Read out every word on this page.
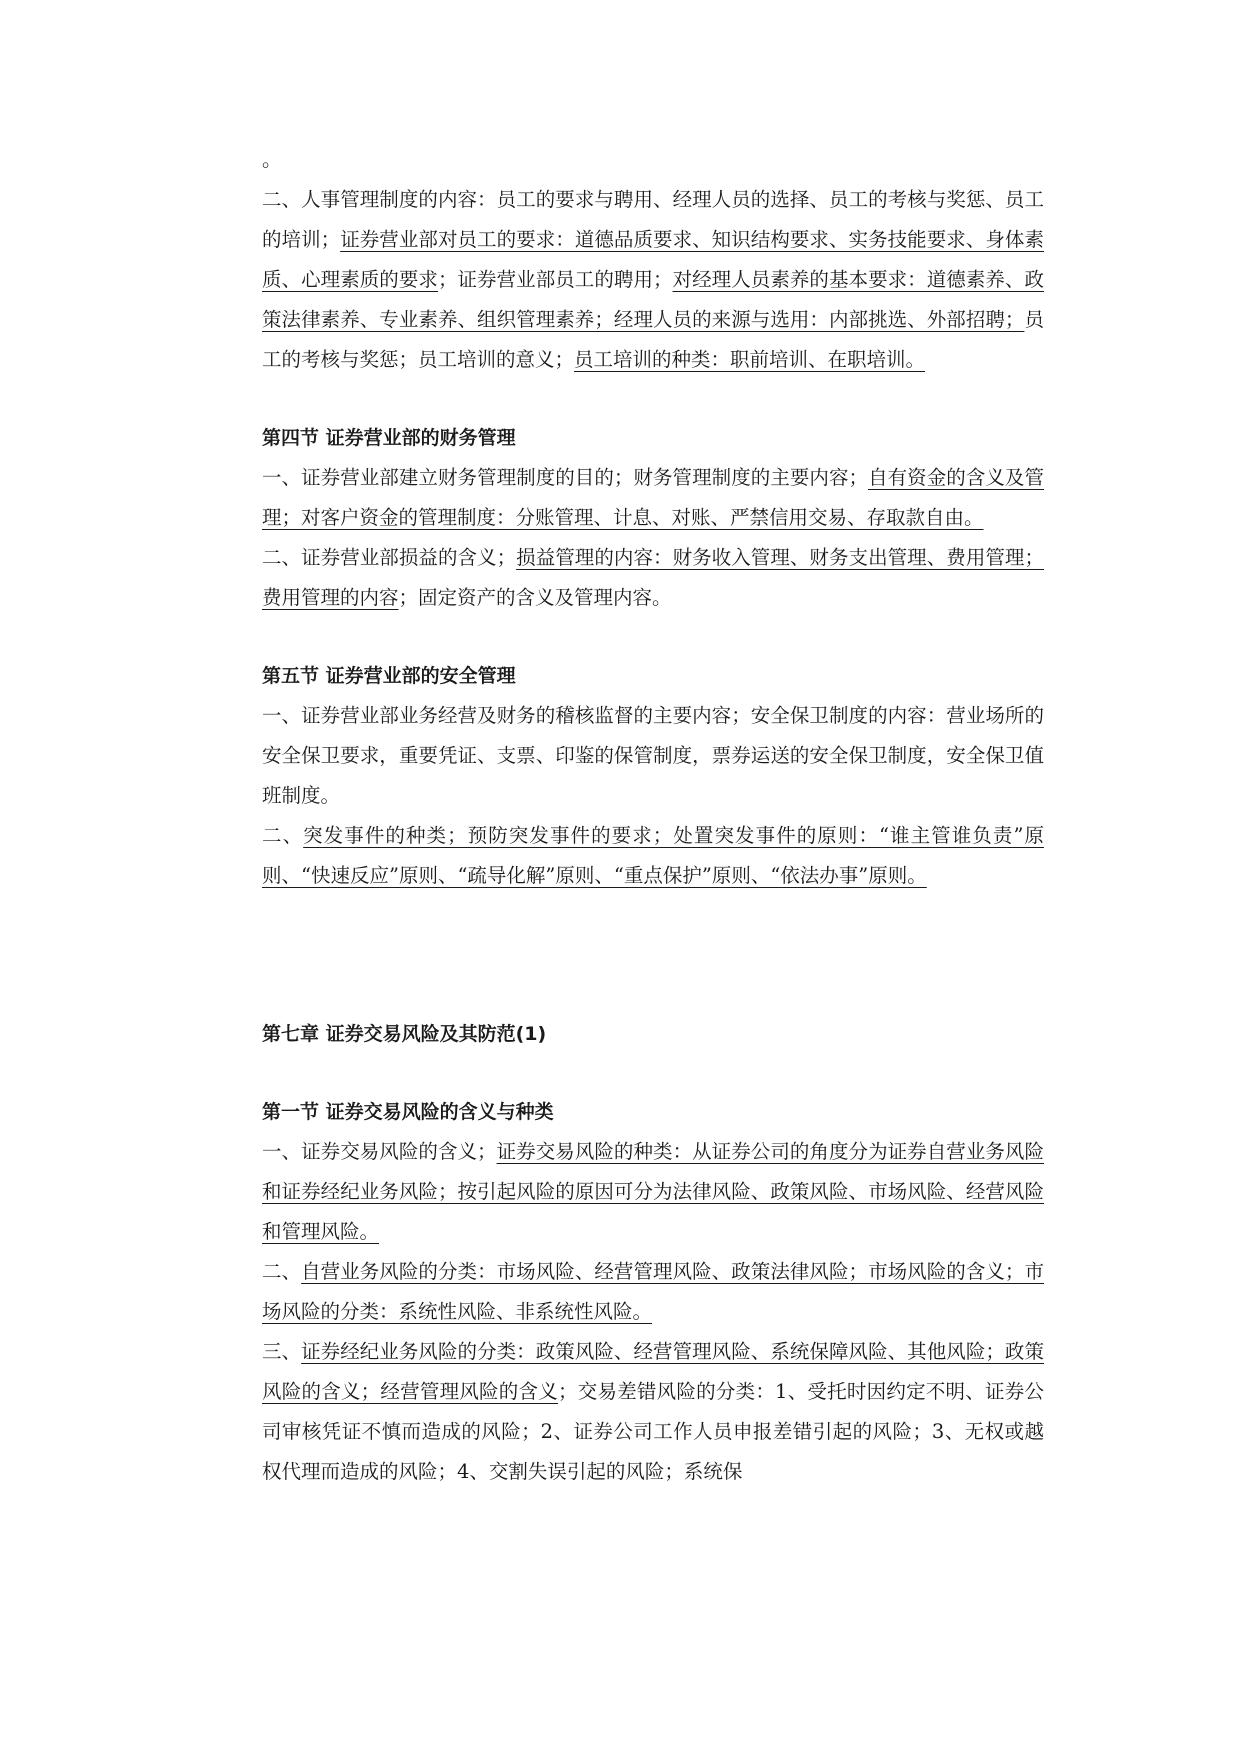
。

二、人事管理制度的内容：员工的要求与聘用、经理人员的选择、员工的考核与奖惩、员工的培训；证券营业部对员工的要求：道德品质要求、知识结构要求、实务技能要求、身体素质、心理素质的要求；证券营业部员工的聘用；对经理人员素养的基本要求：道德素养、政策法律素养、专业素养、组织管理素养；经理人员的来源与选用：内部挑选、外部招聘；员工的考核与奖惩；员工培训的意义；员工培训的种类：职前培训、在职培训。

第四节 证券营业部的财务管理

一、证券营业部建立财务管理制度的目的；财务管理制度的主要内容；自有资金的含义及管理；对客户资金的管理制度：分账管理、计息、对账、严禁信用交易、存取款自由。

二、证券营业部损益的含义；损益管理的内容：财务收入管理、财务支出管理、费用管理；费用管理的内容；固定资产的含义及管理内容。

第五节 证券营业部的安全管理

一、证券营业部业务经营及财务的稽核监督的主要内容；安全保卫制度的内容：营业场所的安全保卫要求，重要凭证、支票、印鉴的保管制度，票券运送的安全保卫制度，安全保卫值班制度。

二、突发事件的种类；预防突发事件的要求；处置突发事件的原则：“谁主管谁负责”原则、“快速反应”原则、“疏导化解”原则、“重点保护”原则、“依法办事”原则。

第七章 证券交易风险及其防范(1)
第一节 证券交易风险的含义与种类

一、证券交易风险的含义；证券交易风险的种类：从证券公司的角度分为证券自营业务风险和证券经纪业务风险；按引起风险的原因可分为法律风险、政策风险、市场风险、经营风险和管理风险。

二、自营业务风险的分类：市场风险、经营管理风险、政策法律风险；市场风险的含义；市场风险的分类：系统性风险、非系统性风险。

三、证券经纪业务风险的分类：政策风险、经营管理风险、系统保障风险、其他风险；政策风险的含义；经营管理风险的含义；交易差错风险的分类：1、受托时因约定不明、证券公司审核凭证不慎而造成的风险；2、证券公司工作人员申报差错引起的风险；3、无权或越权代理而造成的风险；4、交割失误引起的风险；系统保
